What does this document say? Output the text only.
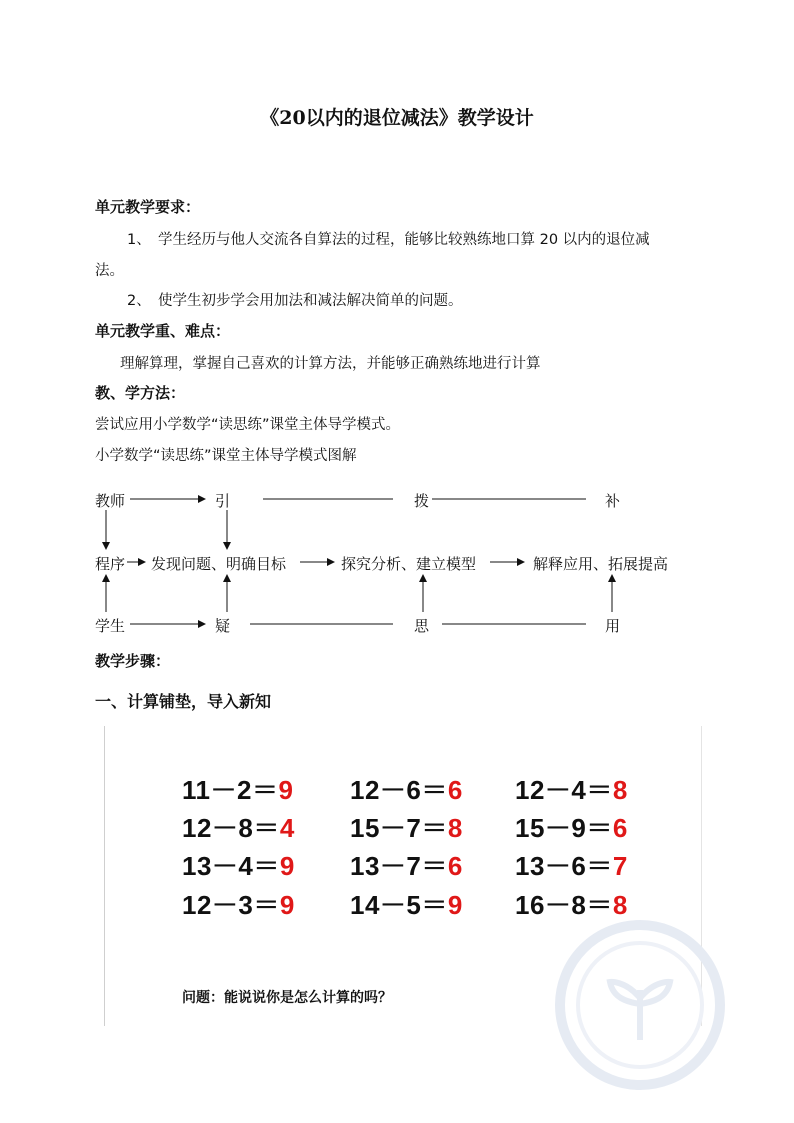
《20以内的退位减法》教学设计
单元教学要求：
1、 学生经历与他人交流各自算法的过程，能够比较熟练地口算 20 以内的退位减
法。
2、 使学生初步学会用加法和减法解决简单的问题。
单元教学重、难点：
理解算理，掌握自己喜欢的计算方法，并能够正确熟练地进行计算
教、学方法：
尝试应用小学数学“读思练”课堂主体导学模式。
小学数学“读思练”课堂主体导学模式图解
教师	引	拨	补
程序 发现问题、明确目标	探究分析、建立模型	解释应用、拓展提高
学生	疑	思	用
教学步骤：
一、计算铺垫，导入新知
11－2＝9 12－6＝6 12－4＝8
12－8＝4 15－7＝8 15－9＝6
13－4＝9 13－7＝6 13－6＝7
12－3＝9 14－5＝9 16－8＝8
问题：能说说你是怎么计算的吗？
